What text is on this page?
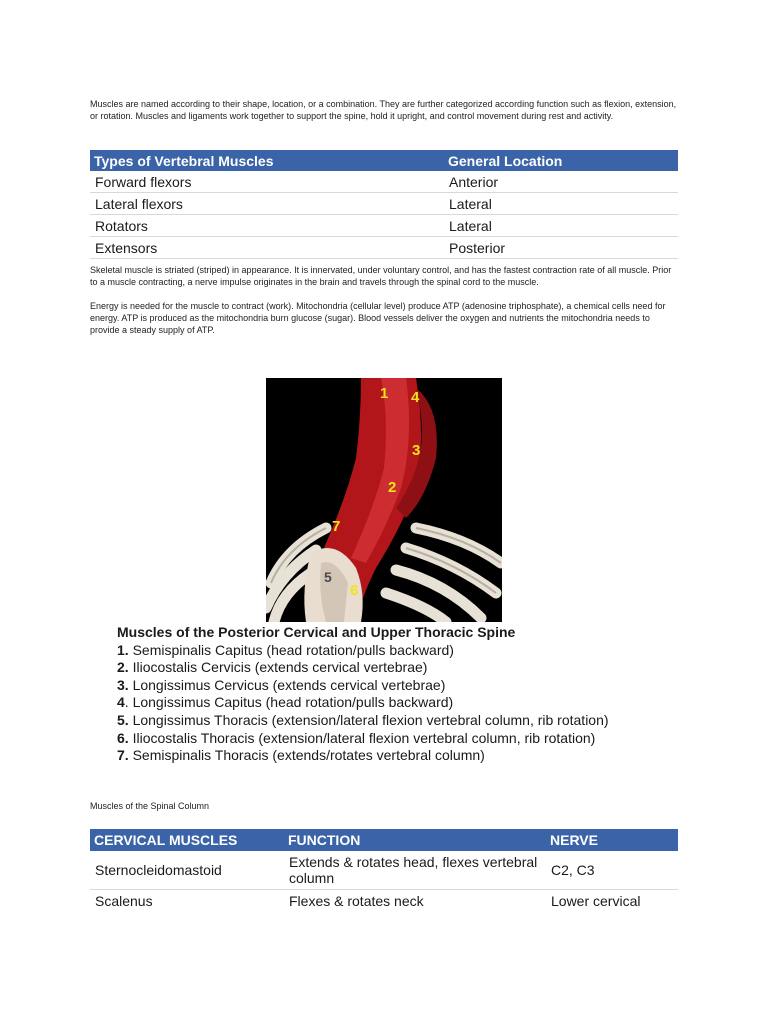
Muscles are named according to their shape, location, or a combination. They are further categorized according function such as flexion, extension, or rotation. Muscles and ligaments work together to support the spine, hold it upright, and control movement during rest and activity.

Types of Vertebral Muscles	General Location
Forward flexors	Anterior
Lateral flexors	Lateral
Rotators	Lateral
Extensors	Posterior

Skeletal muscle is striated (striped) in appearance. It is innervated, under voluntary control, and has the fastest contraction rate of all muscle. Prior to a muscle contracting, a nerve impulse originates in the brain and travels through the spinal cord to the muscle.

Energy is needed for the muscle to contract (work). Mitochondria (cellular level) produce ATP (adenosine triphosphate), a chemical cells need for energy. ATP is produced as the mitochondria burn glucose (sugar). Blood vessels deliver the oxygen and nutrients the mitochondria needs to provide a steady supply of ATP.

1 4
3
2
7
6
5
Muscles of the Posterior Cervical and Upper Thoracic Spine
1. Semispinalis Capitus (head rotation/pulls backward)
2. Iliocostalis Cervicis (extends cervical vertebrae)
3. Longissimus Cervicus (extends cervical vertebrae)
4. Longissimus Capitus (head rotation/pulls backward)
5. Longissimus Thoracis (extension/lateral flexion vertebral column, rib rotation)
6. Iliocostalis Thoracis (extension/lateral flexion vertebral column, rib rotation)
7. Semispinalis Thoracis (extends/rotates vertebral column)
Muscles of the Spinal Column
CERVICAL MUSCLES	FUNCTION	NERVE
Sternocleidomastoid	Extends & rotates head, flexes vertebral column	C2, C3
Scalenus	Flexes & rotates neck	Lower cervical
